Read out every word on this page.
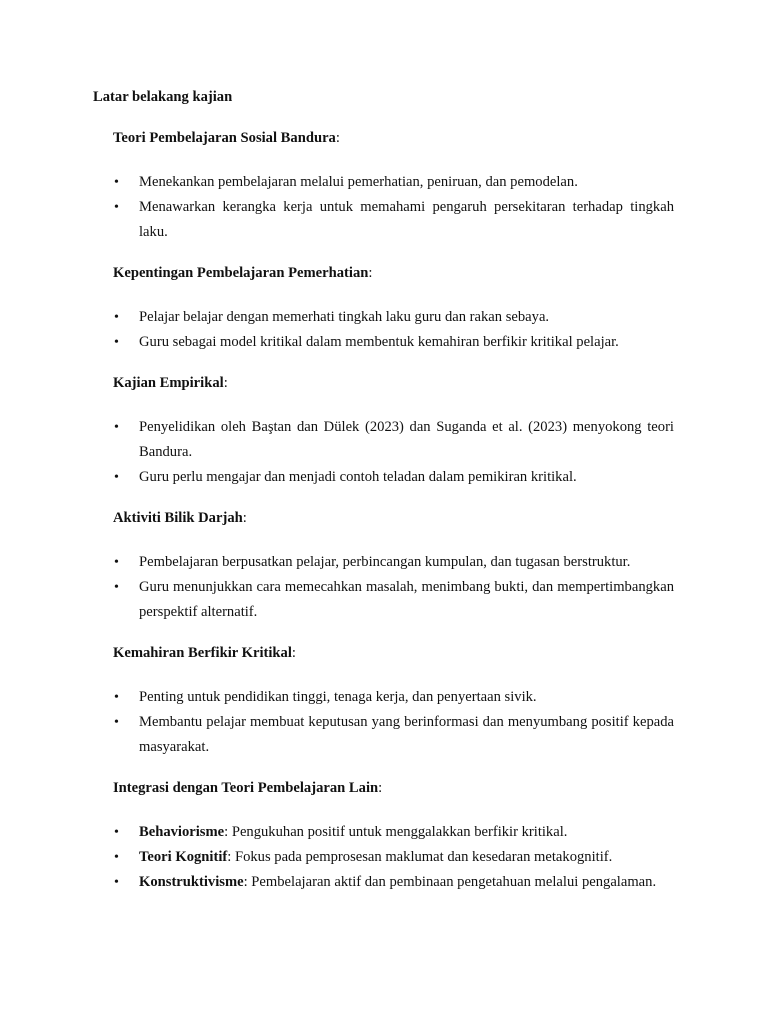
Latar belakang kajian

Teori Pembelajaran Sosial Bandura:

• Menekankan pembelajaran melalui pemerhatian, peniruan, dan pemodelan.
• Menawarkan kerangka kerja untuk memahami pengaruh persekitaran terhadap tingkah laku.

Kepentingan Pembelajaran Pemerhatian:

• Pelajar belajar dengan memerhati tingkah laku guru dan rakan sebaya.
• Guru sebagai model kritikal dalam membentuk kemahiran berfikir kritikal pelajar.

Kajian Empirikal:

• Penyelidikan oleh Baştan dan Dülek (2023) dan Suganda et al. (2023) menyokong teori Bandura.
• Guru perlu mengajar dan menjadi contoh teladan dalam pemikiran kritikal.

Aktiviti Bilik Darjah:

• Pembelajaran berpusatkan pelajar, perbincangan kumpulan, dan tugasan berstruktur.
• Guru menunjukkan cara memecahkan masalah, menimbang bukti, dan mempertimbangkan perspektif alternatif.

Kemahiran Berfikir Kritikal:

• Penting untuk pendidikan tinggi, tenaga kerja, dan penyertaan sivik.
• Membantu pelajar membuat keputusan yang berinformasi dan menyumbang positif kepada masyarakat.

Integrasi dengan Teori Pembelajaran Lain:

• Behaviorisme: Pengukuhan positif untuk menggalakkan berfikir kritikal.
• Teori Kognitif: Fokus pada pemprosesan maklumat dan kesedaran metakognitif.
• Konstruktivisme: Pembelajaran aktif dan pembinaan pengetahuan melalui pengalaman.
